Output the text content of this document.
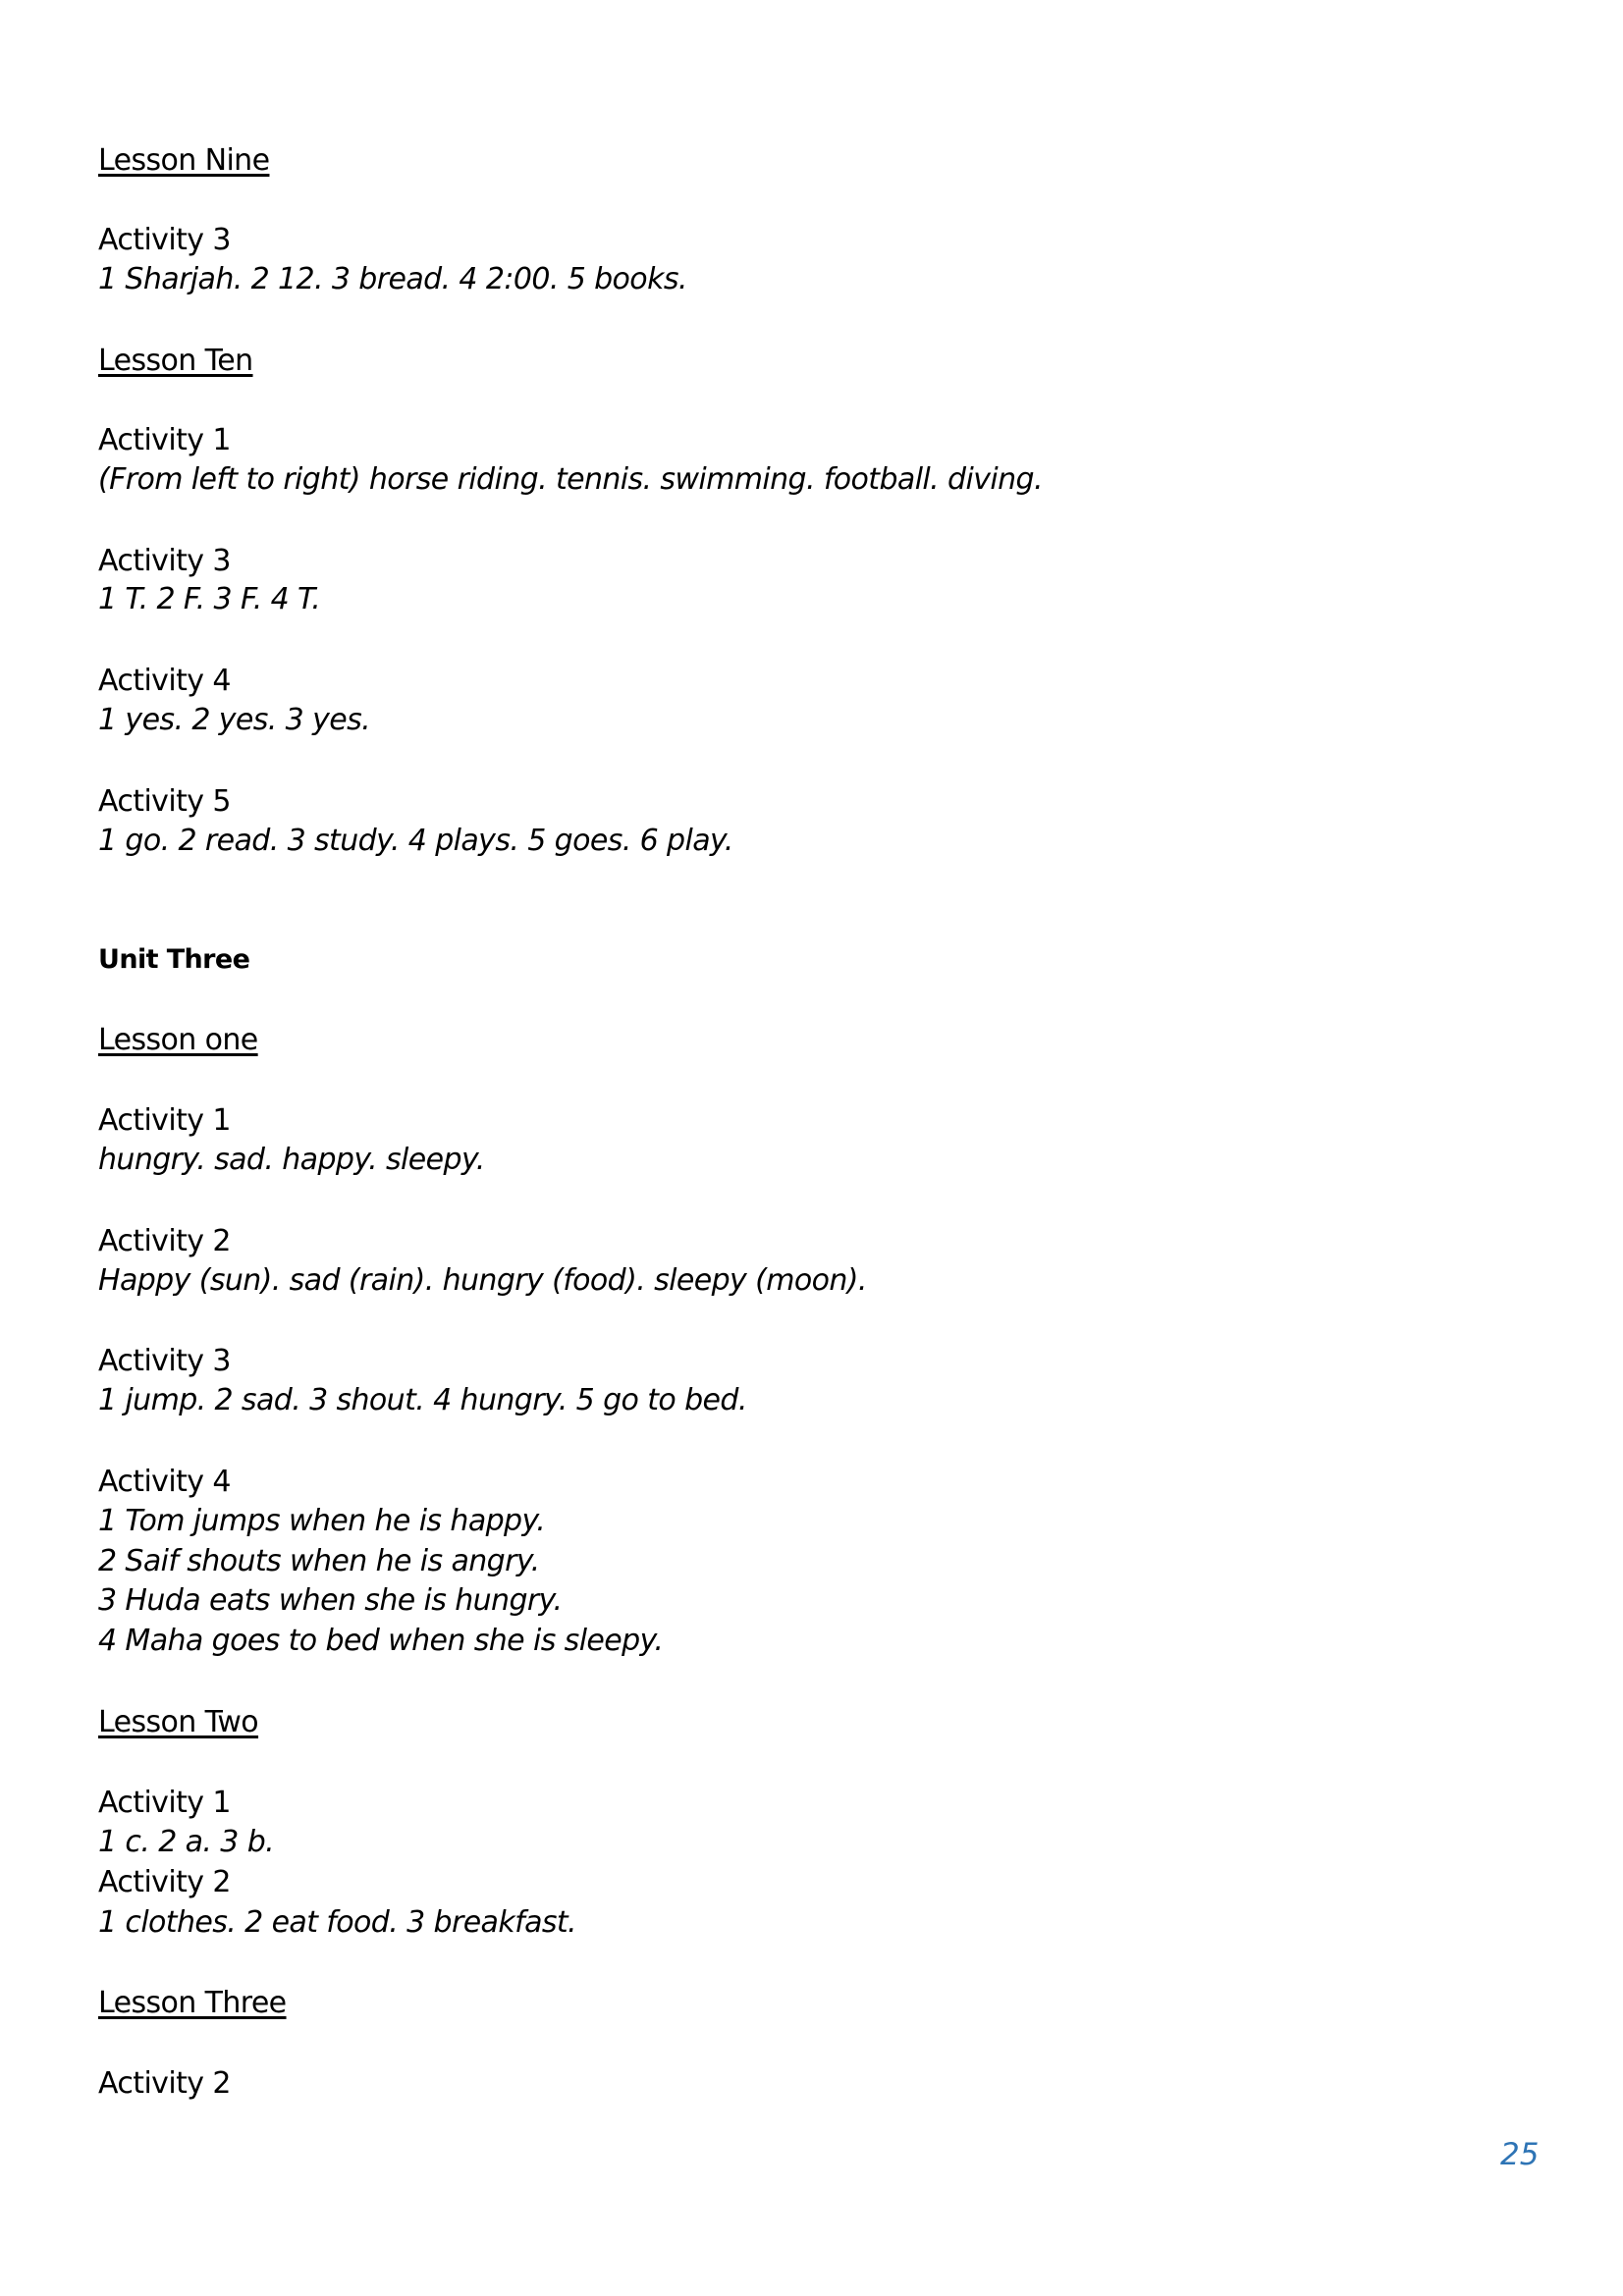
Lesson Nine
Activity 3
1 Sharjah. 2 12. 3 bread. 4 2:00. 5 books.
Lesson Ten
Activity 1
(From left to right) horse riding. tennis. swimming. football. diving.
Activity 3
1 T. 2 F. 3 F. 4 T.
Activity 4
1 yes. 2 yes. 3 yes.
Activity 5
1 go. 2 read. 3 study. 4 plays. 5 goes. 6 play.
Unit Three
Lesson one
Activity 1
hungry. sad. happy. sleepy.
Activity 2
Happy (sun). sad (rain). hungry (food). sleepy (moon).
Activity 3
1 jump. 2 sad. 3 shout. 4 hungry. 5 go to bed.
Activity 4
1 Tom jumps when he is happy.
2 Saif shouts when he is angry.
3 Huda eats when she is hungry.
4 Maha goes to bed when she is sleepy.
Lesson Two
Activity 1
1 c. 2 a. 3 b.
Activity 2
1 clothes. 2 eat food. 3 breakfast.
Lesson Three
Activity 2
25
